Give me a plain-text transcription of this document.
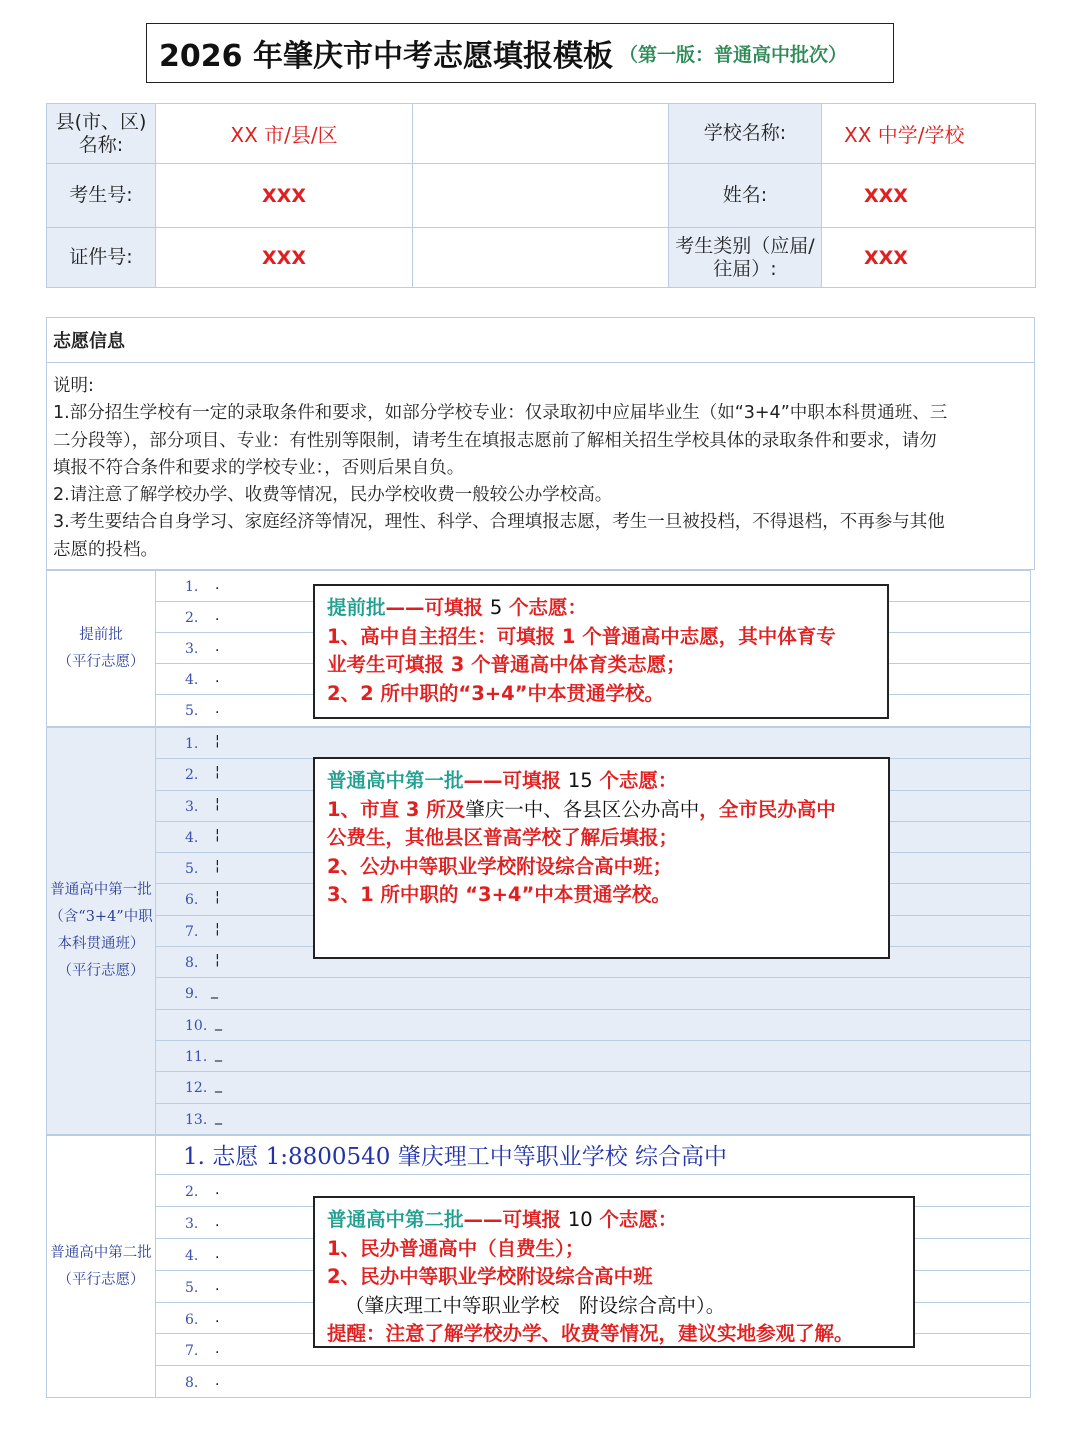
2026 年肇庆市中考志愿填报模板 （第一版：普通高中批次）
县(市、区) 名称:	XX 市/县/区		学校名称:	XX 中学/学校
考生号:	XXX		姓名:	XXX
证件号:	XXX		考生类别（应届/往届）:	XXX
志愿信息
说明:
1.部分招生学校有一定的录取条件和要求，如部分学校专业：仅录取初中应届毕业生（如“3+4”中职本科贯通班、三
二分段等），部分项目、专业：有性别等限制，请考生在填报志愿前了解相关招生学校具体的录取条件和要求，请勿
填报不符合条件和要求的学校专业：，否则后果自负。
2.请注意了解学校办学、收费等情况，民办学校收费一般较公办学校高。
3.考生要结合自身学习、家庭经济等情况，理性、科学、合理填报志愿，考生一旦被投档，不得退档，不再参与其他
志愿的投档。
提前批
（平行志愿）
1. .
2. .
3. .
4. .
5. .
普通高中第一批
（含“3+4”中职
本科贯通班）
（平行志愿）
1. ¦
2. ¦
3. ¦
4. ¦
5. ¦
6. ¦
7. ¦
8. ¦
9. _
10. _
11. _
12. _
13. _
普通高中第二批
（平行志愿）
1. 志愿 1:8800540 肇庆理工中等职业学校 综合高中
2. .
3. .
4. .
5. .
6. .
7. .
8. .
提前批——可填报 5 个志愿：
1、高中自主招生：可填报 1 个普通高中志愿，其中体育专
业考生可填报 3 个普通高中体育类志愿；
2、2 所中职的“3+4”中本贯通学校。
普通高中第一批——可填报 15 个志愿：
1、市直 3 所及肇庆一中、各县区公办高中，全市民办高中
公费生，其他县区普高学校了解后填报；
2、公办中等职业学校附设综合高中班；
3、1 所中职的 “3+4”中本贯通学校。
普通高中第二批——可填报 10 个志愿：
1、民办普通高中（自费生）；
2、民办中等职业学校附设综合高中班
（肇庆理工中等职业学校　附设综合高中）。
提醒：注意了解学校办学、收费等情况，建议实地参观了解。
